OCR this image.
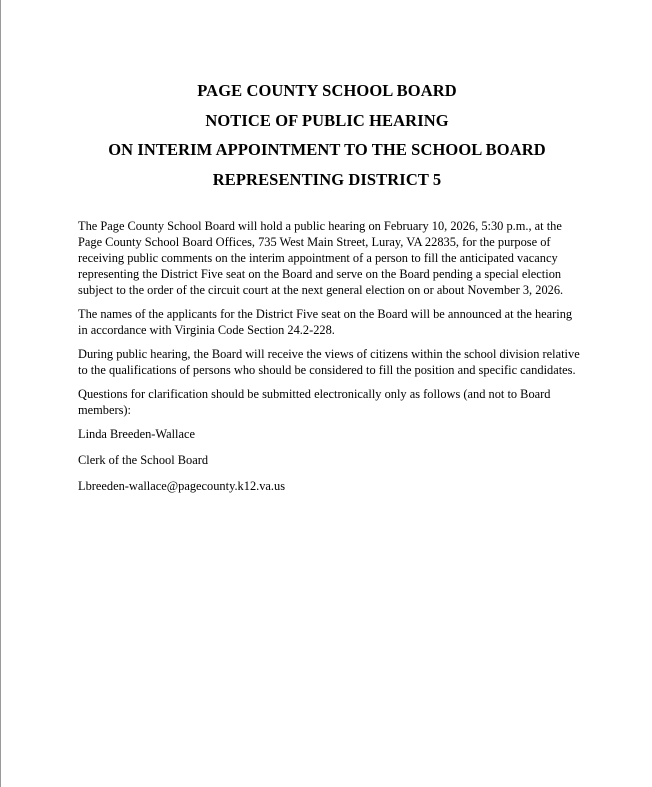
PAGE COUNTY SCHOOL BOARD
NOTICE OF PUBLIC HEARING
ON INTERIM APPOINTMENT TO THE SCHOOL BOARD
REPRESENTING DISTRICT 5

The Page County School Board will hold a public hearing on February 10, 2026, 5:30 p.m., at the Page County School Board Offices, 735 West Main Street, Luray, VA 22835, for the purpose of receiving public comments on the interim appointment of a person to fill the anticipated vacancy representing the District Five seat on the Board and serve on the Board pending a special election subject to the order of the circuit court at the next general election on or about November 3, 2026.

The names of the applicants for the District Five seat on the Board will be announced at the hearing in accordance with Virginia Code Section 24.2-228.

During public hearing, the Board will receive the views of citizens within the school division relative to the qualifications of persons who should be considered to fill the position and specific candidates.

Questions for clarification should be submitted electronically only as follows (and not to Board members):

Linda Breeden-Wallace

Clerk of the School Board

Lbreeden-wallace@pagecounty.k12.va.us
